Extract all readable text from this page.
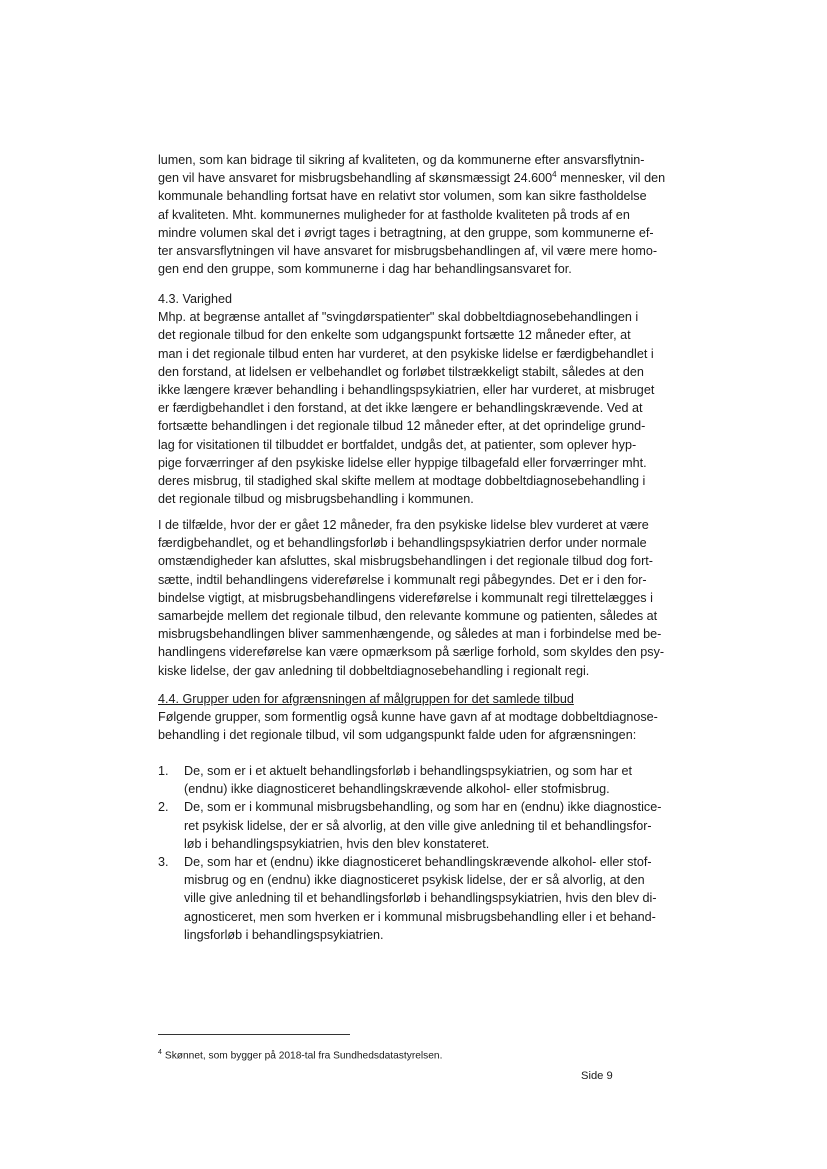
lumen, som kan bidrage til sikring af kvaliteten, og da kommunerne efter ansvarsflytnin-
gen vil have ansvaret for misbrugsbehandling af skønsmæssigt 24.600$^4$ mennesker, vil den
kommunale behandling fortsat have en relativt stor volumen, som kan sikre fastholdelse
af kvaliteten. Mht. kommunernes muligheder for at fastholde kvaliteten på trods af en
mindre volumen skal det i øvrigt tages i betragtning, at den gruppe, som kommunerne ef-
ter ansvarsflytningen vil have ansvaret for misbrugsbehandlingen af, vil være mere homo-
gen end den gruppe, som kommunerne i dag har behandlingsansvaret for.
4.3. Varighed
Mhp. at begrænse antallet af "svingdørspatienter" skal dobbeltdiagnosebehandlingen i
det regionale tilbud for den enkelte som udgangspunkt fortsætte 12 måneder efter, at
man i det regionale tilbud enten har vurderet, at den psykiske lidelse er færdigbehandlet i
den forstand, at lidelsen er velbehandlet og forløbet tilstrækkeligt stabilt, således at den
ikke længere kræver behandling i behandlingspsykiatrien, eller har vurderet, at misbruget
er færdigbehandlet i den forstand, at det ikke længere er behandlingskrævende. Ved at
fortsætte behandlingen i det regionale tilbud 12 måneder efter, at det oprindelige grund-
lag for visitationen til tilbuddet er bortfaldet, undgås det, at patienter, som oplever hyp-
pige forværringer af den psykiske lidelse eller hyppige tilbagefald eller forværringer mht.
deres misbrug, til stadighed skal skifte mellem at modtage dobbeltdiagnosebehandling i
det regionale tilbud og misbrugsbehandling i kommunen.
I de tilfælde, hvor der er gået 12 måneder, fra den psykiske lidelse blev vurderet at være
færdigbehandlet, og et behandlingsforløb i behandlingspsykiatrien derfor under normale
omstændigheder kan afsluttes, skal misbrugsbehandlingen i det regionale tilbud dog fort-
sætte, indtil behandlingens videreførelse i kommunalt regi påbegyndes. Det er i den for-
bindelse vigtigt, at misbrugsbehandlingens videreførelse i kommunalt regi tilrettelægges i
samarbejde mellem det regionale tilbud, den relevante kommune og patienten, således at
misbrugsbehandlingen bliver sammenhængende, og således at man i forbindelse med be-
handlingens videreførelse kan være opmærksom på særlige forhold, som skyldes den psy-
kiske lidelse, der gav anledning til dobbeltdiagnosebehandling i regionalt regi.
4.4. Grupper uden for afgrænsningen af målgruppen for det samlede tilbud
Følgende grupper, som formentlig også kunne have gavn af at modtage dobbeltdiagnose-
behandling i det regionale tilbud, vil som udgangspunkt falde uden for afgrænsningen:
1. De, som er i et aktuelt behandlingsforløb i behandlingspsykiatrien, og som har et
(endnu) ikke diagnosticeret behandlingskrævende alkohol- eller stofmisbrug.
2. De, som er i kommunal misbrugsbehandling, og som har en (endnu) ikke diagnostice-
ret psykisk lidelse, der er så alvorlig, at den ville give anledning til et behandlingsfor-
løb i behandlingspsykiatrien, hvis den blev konstateret.
3. De, som har et (endnu) ikke diagnosticeret behandlingskrævende alkohol- eller stof-
misbrug og en (endnu) ikke diagnosticeret psykisk lidelse, der er så alvorlig, at den
ville give anledning til et behandlingsforløb i behandlingspsykiatrien, hvis den blev di-
agnosticeret, men som hverken er i kommunal misbrugsbehandling eller i et behand-
lingsforløb i behandlingspsykiatrien.
$^4$ Skønnet, som bygger på 2018-tal fra Sundhedsdatastyrelsen.
Side 9
